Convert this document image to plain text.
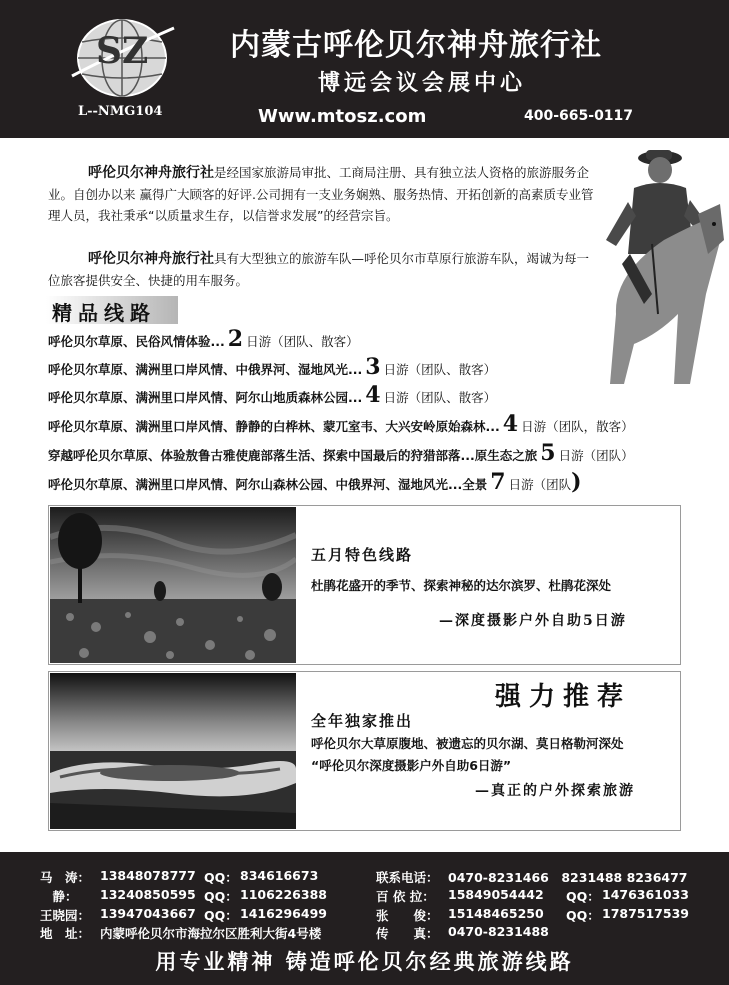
SZ
L--NMG104
内蒙古呼伦贝尔神舟旅行社
博远会议会展中心
Www.mtosz.com	400-665-0117
呼伦贝尔神舟旅行社是经国家旅游局审批、工商局注册、具有独立法人资格的旅游服务企业。自创办以来 赢得广大顾客的好评.公司拥有一支业务娴熟、服务热情、开拓创新的高素质专业管理人员，我社秉承“以质量求生存，以信誉求发展”的经营宗旨。
呼伦贝尔神舟旅行社具有大型独立的旅游车队—呼伦贝尔市草原行旅游车队，竭诚为每一位旅客提供安全、快捷的用车服务。
精品线路
呼伦贝尔草原、民俗风情体验... 2 日游（团队、散客）
呼伦贝尔草原、满洲里口岸风情、中俄界河、湿地风光... 3 日游（团队、散客）
呼伦贝尔草原、满洲里口岸风情、阿尔山地质森林公园... 4 日游（团队、散客）
呼伦贝尔草原、满洲里口岸风情、静静的白桦林、蒙兀室韦、大兴安岭原始森林... 4 日游（团队，散客）
穿越呼伦贝尔草原、体验敖鲁古雅使鹿部落生活、探索中国最后的狩猎部落...原生态之旅 5 日游（团队）
呼伦贝尔草原、满洲里口岸风情、阿尔山森林公园、中俄界河、湿地风光...全景 7 日游（团队)
五月特色线路
杜鹃花盛开的季节、探索神秘的达尔滨罗、杜鹃花深处
—深度摄影户外自助5日游
强力推荐
全年独家推出
呼伦贝尔大草原腹地、被遗忘的贝尔湖、莫日格勒河深处
“呼伦贝尔深度摄影户外自助6日游”
—真正的户外探索旅游
马　涛： 13848078777 QQ： 834616673
　静： 13240850595 QQ： 1106226388
王晓园： 13947043667 QQ： 1416296499
地　址： 内蒙呼伦贝尔市海拉尔区胜利大街4号楼
联系电话： 0470-8231466　8231488 8236477
百 依 拉： 15849054442 QQ： 1476361033
张　　俊： 15148465250 QQ： 1787517539
传　　真： 0470-8231488
用专业精神 铸造呼伦贝尔经典旅游线路
